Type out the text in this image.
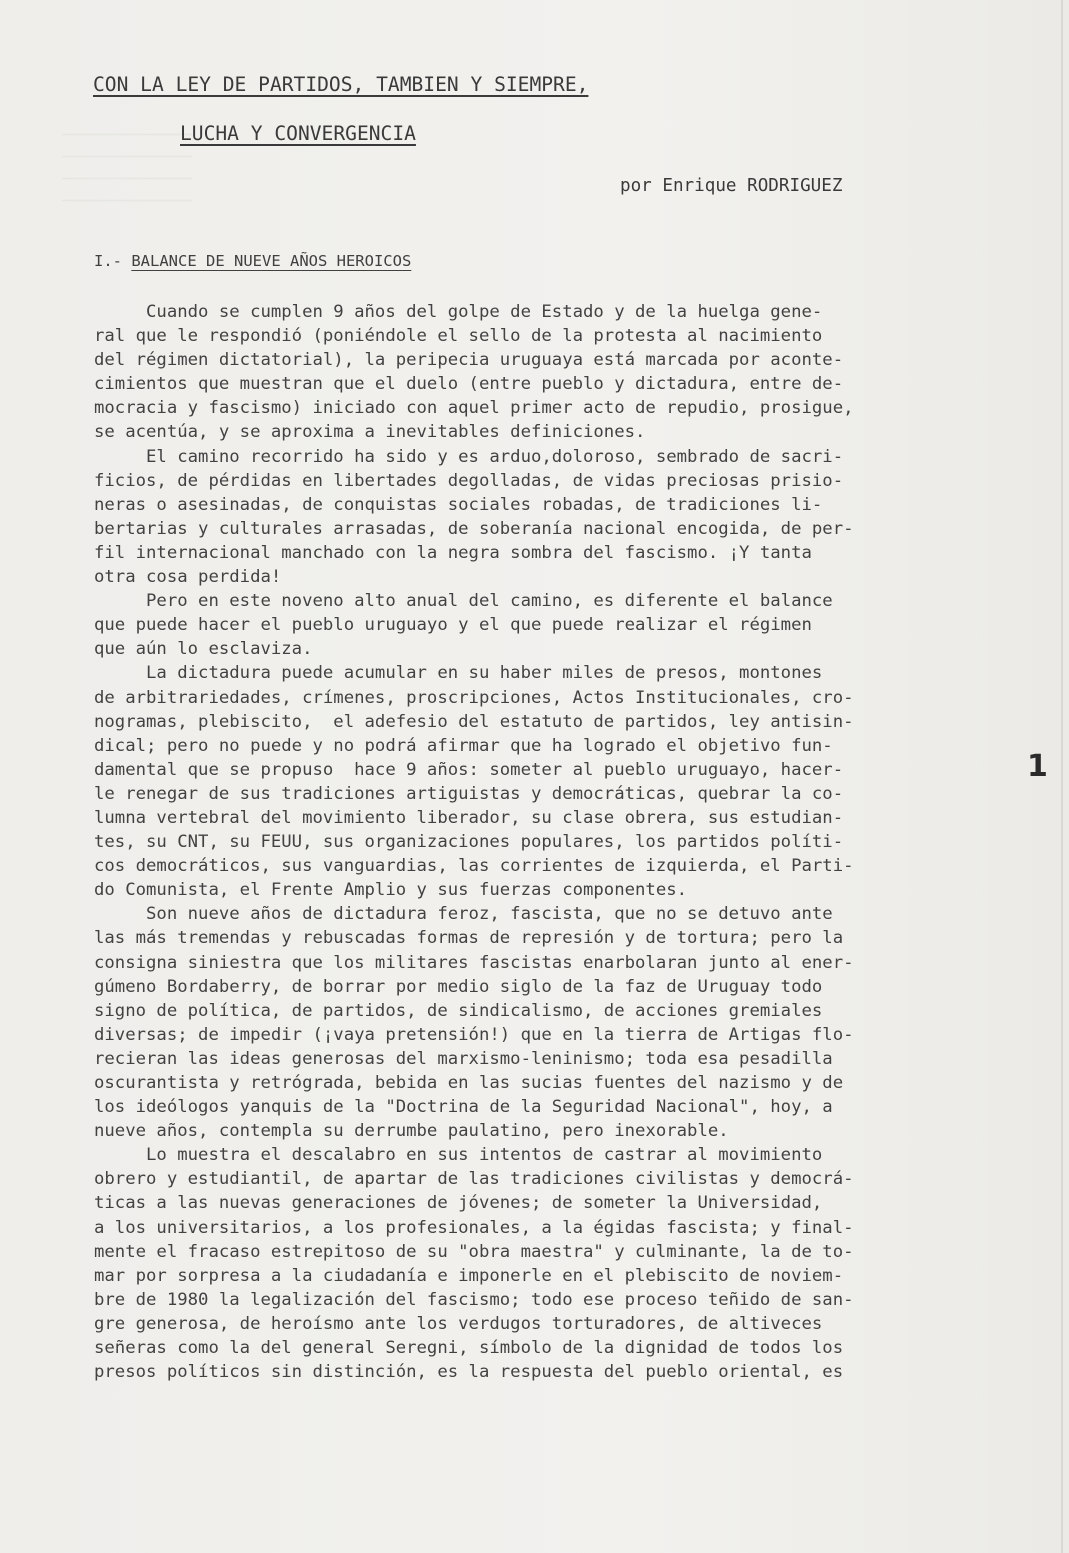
CON LA LEY DE PARTIDOS, TAMBIEN Y SIEMPRE,
LUCHA Y CONVERGENCIA
por Enrique RODRIGUEZ
I.- BALANCE DE NUEVE AÑOS HEROICOS
Cuando se cumplen 9 años del golpe de Estado y de la huelga gene-
ral que le respondió (poniéndole el sello de la protesta al nacimiento
del régimen dictatorial), la peripecia uruguaya está marcada por aconte-
cimientos que muestran que el duelo (entre pueblo y dictadura, entre de-
mocracia y fascismo) iniciado con aquel primer acto de repudio, prosigue,
se acentúa, y se aproxima a inevitables definiciones.
El camino recorrido ha sido y es arduo,doloroso, sembrado de sacri-
ficios, de pérdidas en libertades degolladas, de vidas preciosas prisio-
neras o asesinadas, de conquistas sociales robadas, de tradiciones li-
bertarias y culturales arrasadas, de soberanía nacional encogida, de per-
fil internacional manchado con la negra sombra del fascismo. ¡Y tanta
otra cosa perdida!
Pero en este noveno alto anual del camino, es diferente el balance
que puede hacer el pueblo uruguayo y el que puede realizar el régimen
que aún lo esclaviza.
La dictadura puede acumular en su haber miles de presos, montones
de arbitrariedades, crímenes, proscripciones, Actos Institucionales, cro-
nogramas, plebiscito,  el adefesio del estatuto de partidos, ley antisin-
dical; pero no puede y no podrá afirmar que ha logrado el objetivo fun-
damental que se propuso  hace 9 años: someter al pueblo uruguayo, hacer-
le renegar de sus tradiciones artiguistas y democráticas, quebrar la co-
lumna vertebral del movimiento liberador, su clase obrera, sus estudian-
tes, su CNT, su FEUU, sus organizaciones populares, los partidos políti-
cos democráticos, sus vanguardias, las corrientes de izquierda, el Parti-
do Comunista, el Frente Amplio y sus fuerzas componentes.
Son nueve años de dictadura feroz, fascista, que no se detuvo ante
las más tremendas y rebuscadas formas de represión y de tortura; pero la
consigna siniestra que los militares fascistas enarbolaran junto al ener-
gúmeno Bordaberry, de borrar por medio siglo de la faz de Uruguay todo
signo de política, de partidos, de sindicalismo, de acciones gremiales
diversas; de impedir (¡vaya pretensión!) que en la tierra de Artigas flo-
recieran las ideas generosas del marxismo-leninismo; toda esa pesadilla
oscurantista y retrógrada, bebida en las sucias fuentes del nazismo y de
los ideólogos yanquis de la "Doctrina de la Seguridad Nacional", hoy, a
nueve años, contempla su derrumbe paulatino, pero inexorable.
Lo muestra el descalabro en sus intentos de castrar al movimiento
obrero y estudiantil, de apartar de las tradiciones civilistas y democrá-
ticas a las nuevas generaciones de jóvenes; de someter la Universidad,
a los universitarios, a los profesionales, a la égidas fascista; y final-
mente el fracaso estrepitoso de su "obra maestra" y culminante, la de to-
mar por sorpresa a la ciudadanía e imponerle en el plebiscito de noviem-
bre de 1980 la legalización del fascismo; todo ese proceso teñido de san-
gre generosa, de heroísmo ante los verdugos torturadores, de altiveces
señeras como la del general Seregni, símbolo de la dignidad de todos los
presos políticos sin distinción, es la respuesta del pueblo oriental, es
1
